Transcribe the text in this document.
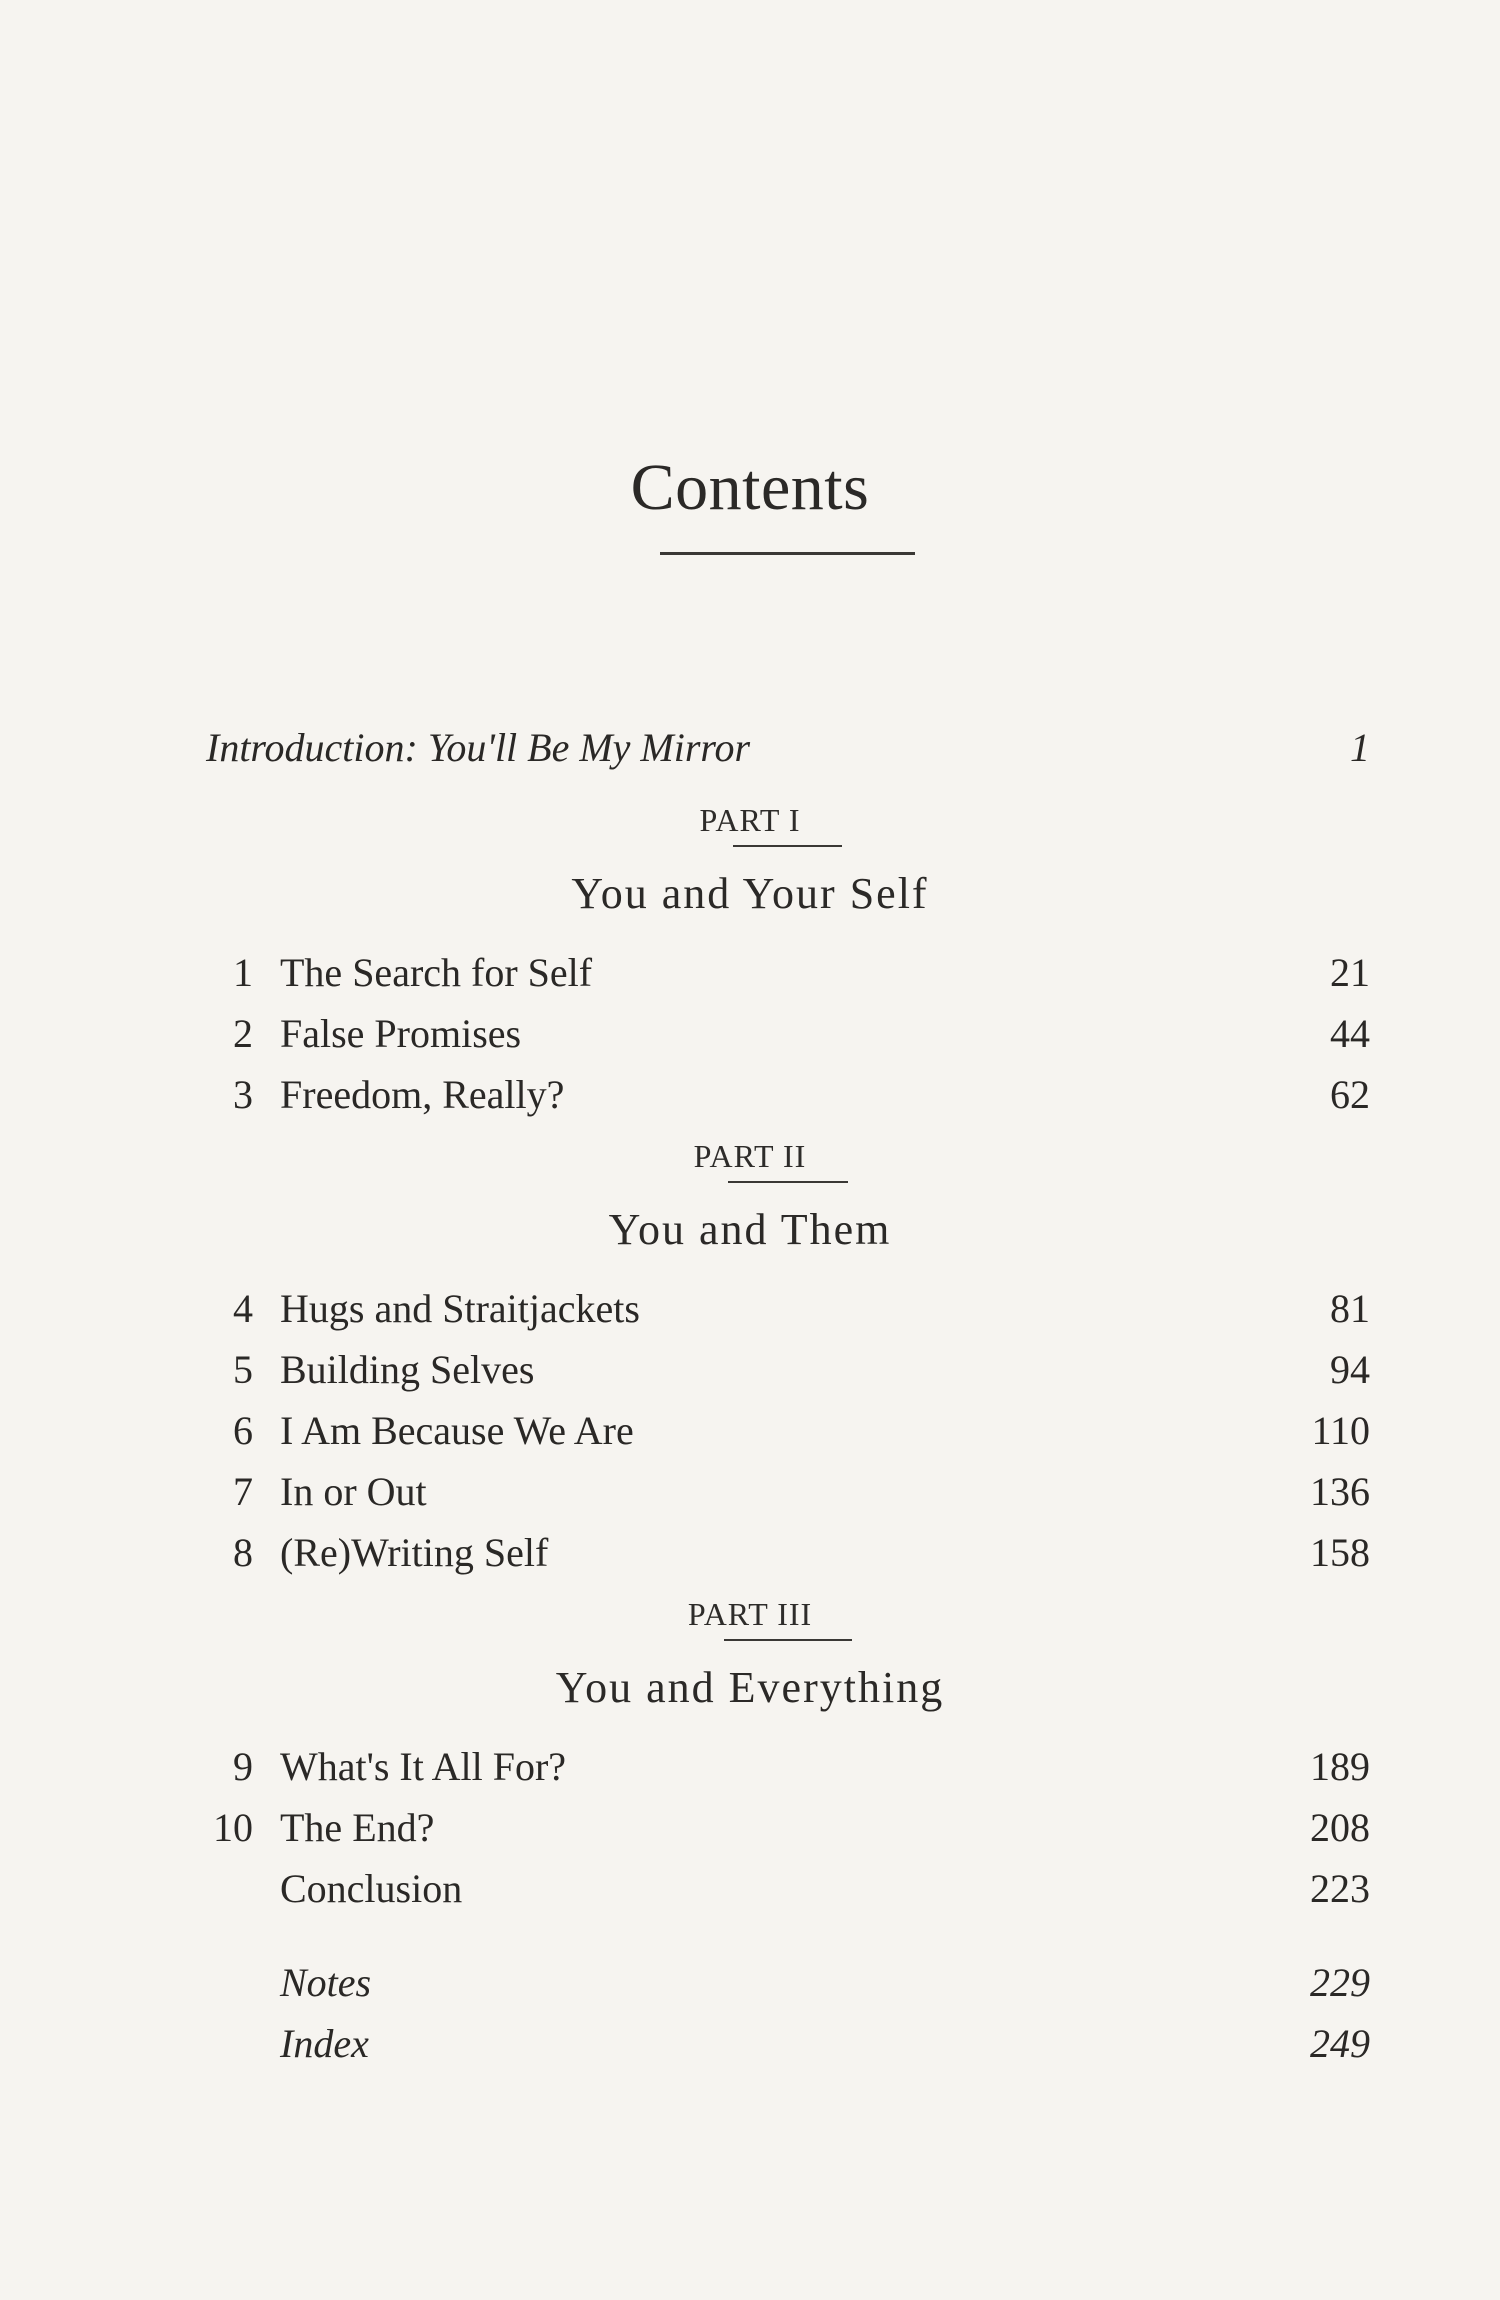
Contents
Introduction: You'll Be My Mirror	1
PART I
You and Your Self
1 The Search for Self	21
2 False Promises	44
3 Freedom, Really?	62
PART II
You and Them
4 Hugs and Straitjackets	81
5 Building Selves	94
6 I Am Because We Are	110
7 In or Out	136
8 (Re)Writing Self	158
PART III
You and Everything
9 What's It All For?	189
10 The End?	208
Conclusion	223
Notes	229
Index	249
